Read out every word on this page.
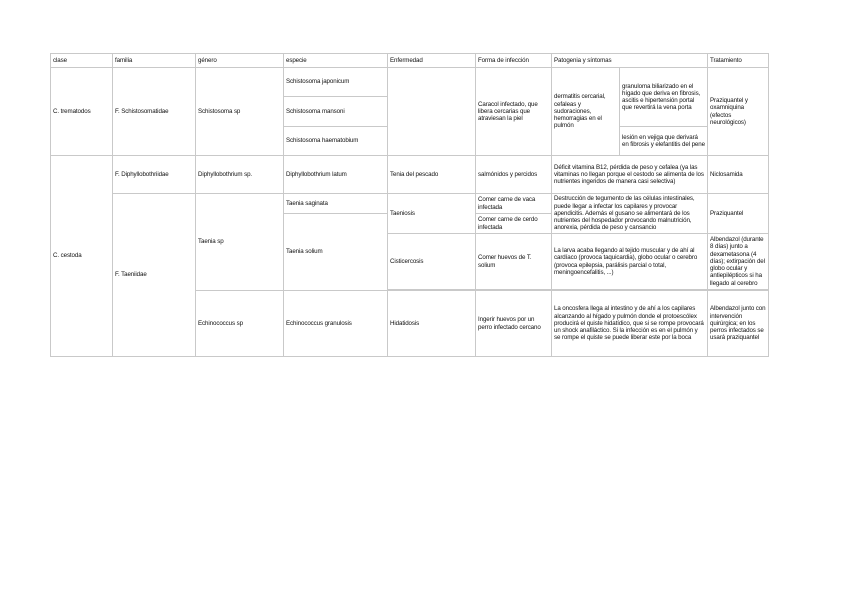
clase	familia	género	especie	Enfermedad	Forma de infección	Patogenia y síntomas		Tratamiento
C. trematodos	F. Schistosomatidae	Schistosoma sp	Schistosoma japonicum		Caracol infectado, que libera cercarias que atraviesan la piel	dermatitis cercarial, cefaleas y sudoraciones, hemorragias en el pulmón	granuloma biliarizado en el hígado que deriva en fibrosis, ascitis e hipertensión portal que revertirá la vena porta	Praziquantel y oxamniquina (efectos neurológicos)
			Schistosoma mansoni					

			Schistosoma haematobium				lesión en vejiga que derivará en fibrosis y elefantitis del pene	
C. cestoda	F. Diphyllobothriidae	Diphyllobothrium sp.	Diphyllobothrium latum	Tenia del pescado	salmónidos y percidos	Déficit vitamina B12, pérdida de peso y cefalea (ya las vitaminas no llegan porque el cestodo se alimenta de los nutrientes ingeridos de manera casi selectiva)		Niclosamida
	F. Taeniidae	Taenia sp	Taenia saginata	Taeniosis	Comer carne de vaca infectada	Destrucción de tegumento de las células intestinales, puede llegar a infectar los capilares y provocar apendicitis. Además el gusano se alimentará de los nutrientes del hospedador provocando malnutrición, anorexia, pérdida de peso y cansancio		Praziquantel
			Taenia solium		Comer carne de cerdo infectada			
				Cisticercosis	Comer huevos de T. solium	La larva acaba llegando al tejido muscular y de ahí al cardíaco (provoca taquicardia), globo ocular o cerebro (provoca epilepsia, parálisis parcial o total, meningoencefalitis, ...)		Albendazol (durante 8 días) junto a dexametasona (4 días); extirpación del globo ocular y antiepilépticos si ha llegado al cerebro

		Echinococcus sp	Echinococcus granulosis	Hidatidosis	Ingerir huevos por un perro infectado cercano	La oncosfera llega al intestino y de ahí a los capilares alcanzando al hígado y pulmón donde el protoescólex producirá el quiste hidatídico, que si se rompe provocará un shock anafiláctico. Si la infección es en el pulmón y se rompe el quiste se puede liberar este por la boca		Albendazol junto con intervención quirúrgica; en los perros infectados se usará praziquantel
